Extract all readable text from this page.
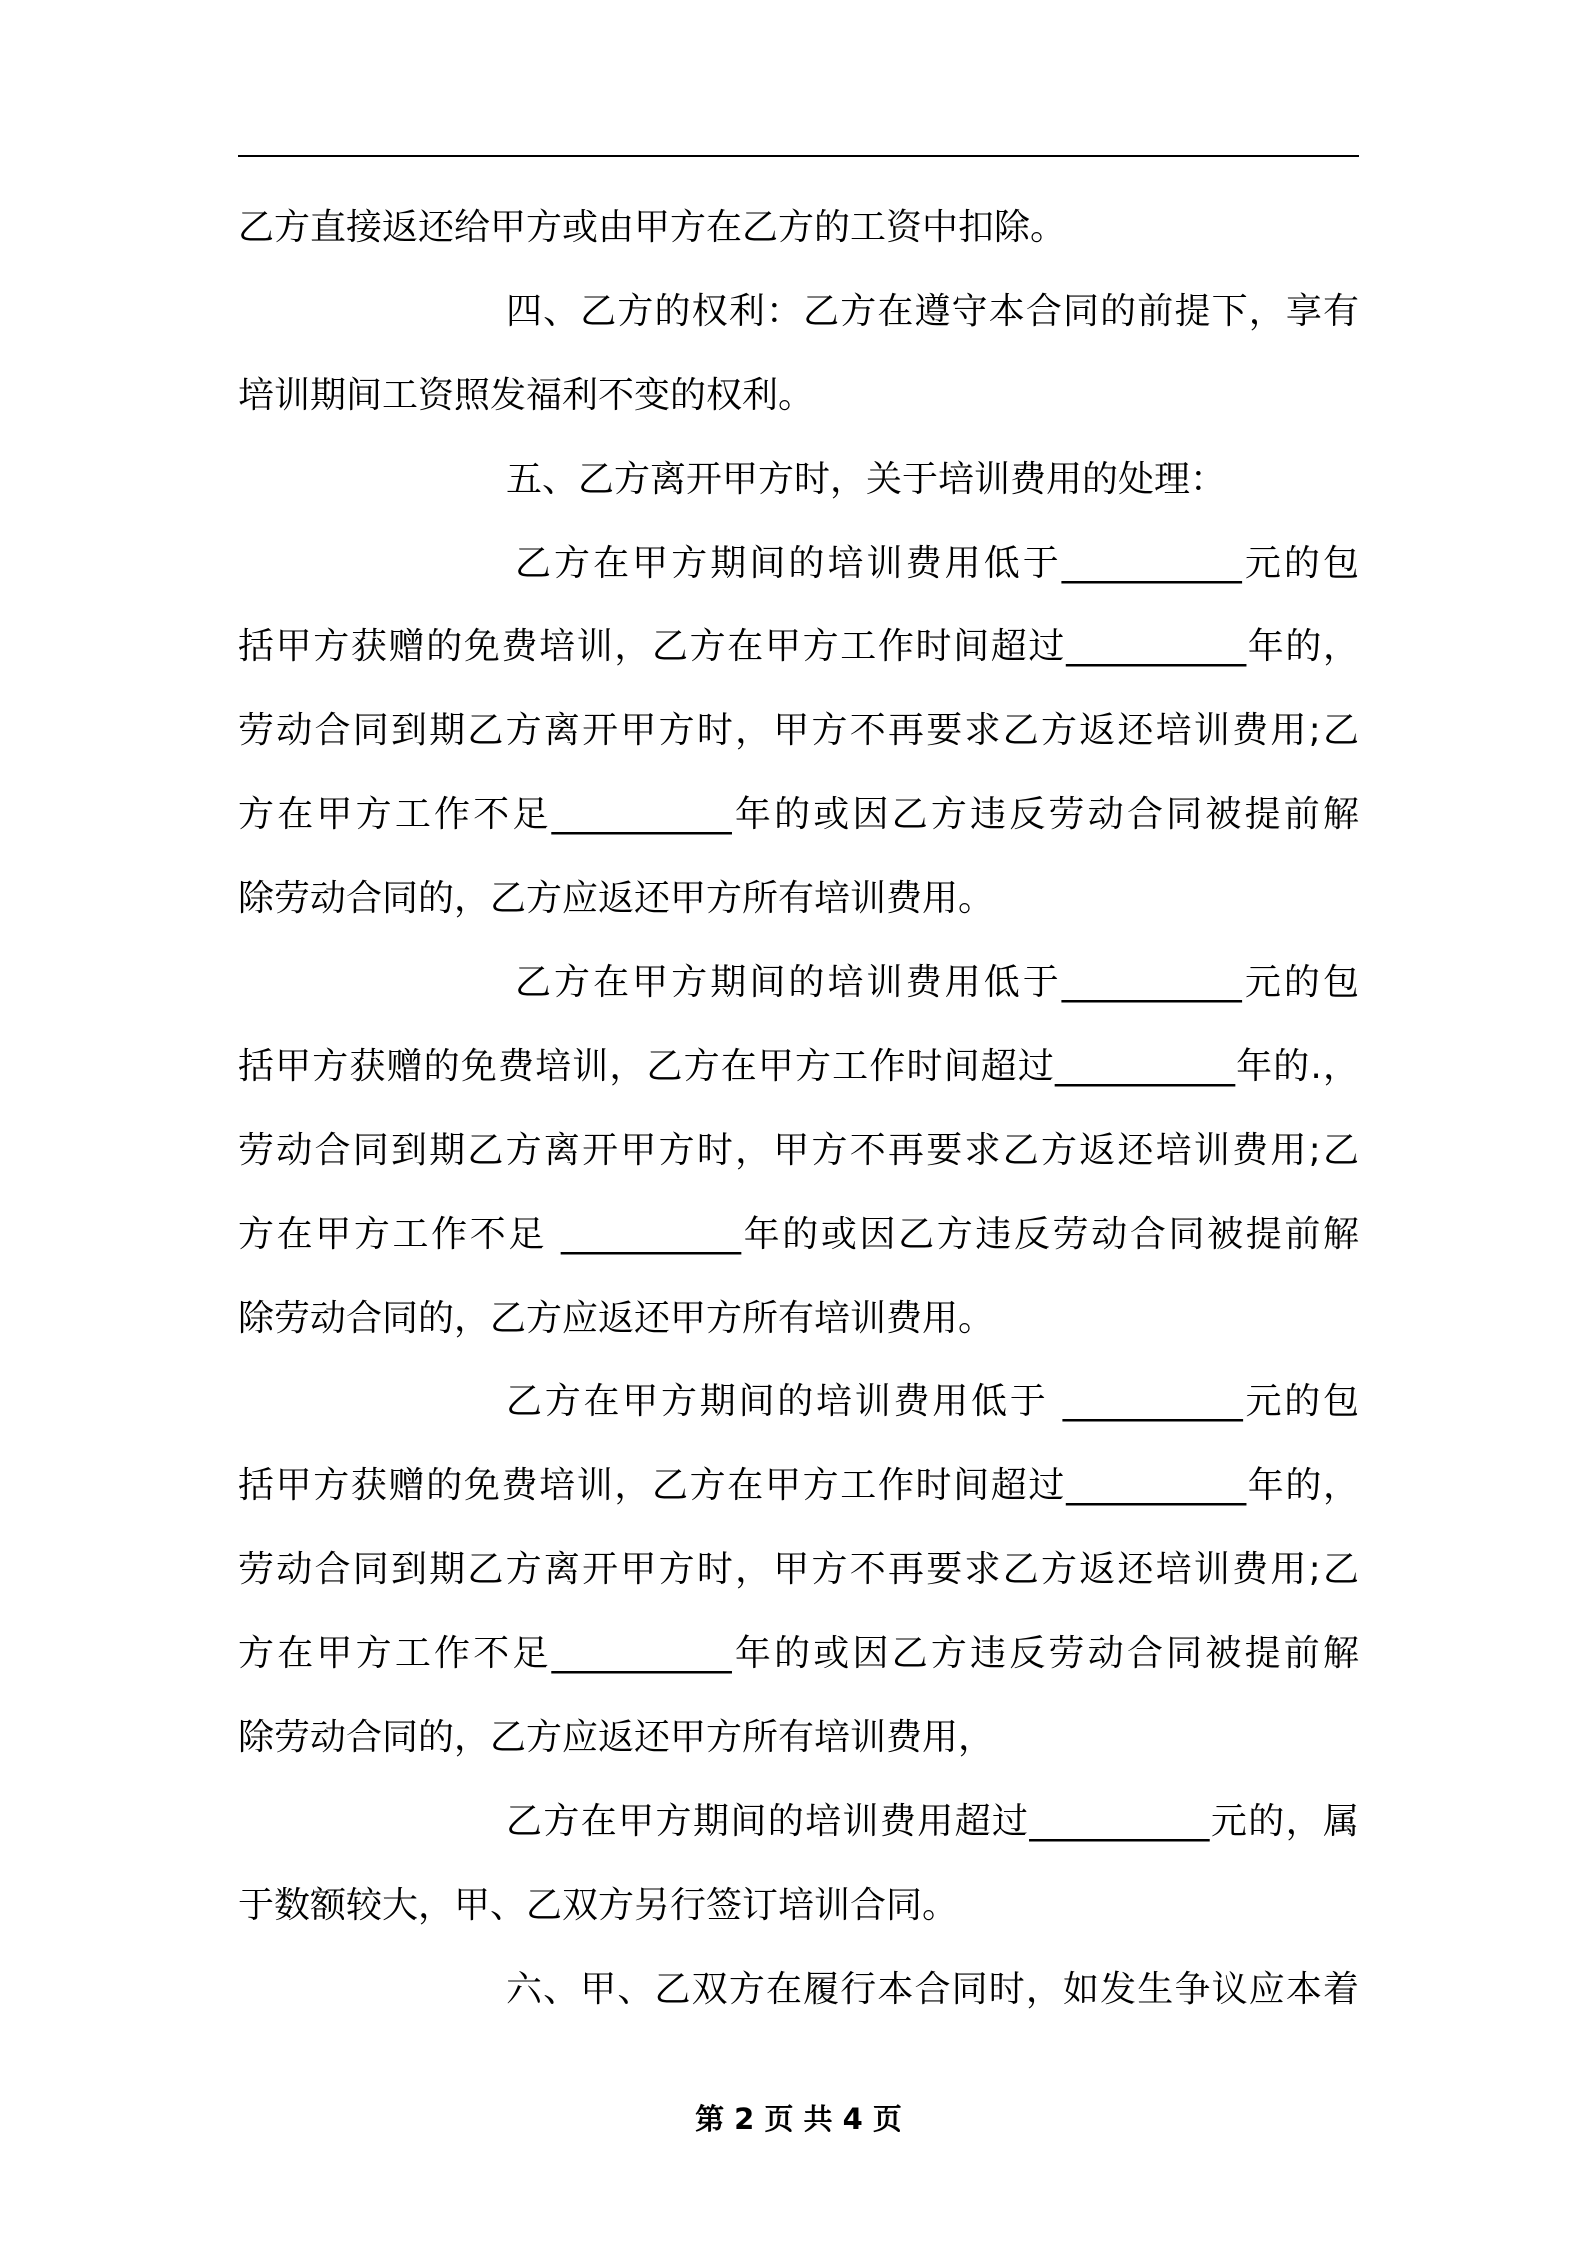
乙方直接返还给甲方或由甲方在乙方的工资中扣除。
四、乙方的权利：乙方在遵守本合同的前提下，享有
培训期间工资照发福利不变的权利。
五、乙方离开甲方时，关于培训费用的处理：
乙方在甲方期间的培训费用低于__________元的包
括甲方获赠的免费培训，乙方在甲方工作时间超过__________年的，
劳动合同到期乙方离开甲方时，甲方不再要求乙方返还培训费用;乙
方在甲方工作不足__________年的或因乙方违反劳动合同被提前解
除劳动合同的，乙方应返还甲方所有培训费用。
乙方在甲方期间的培训费用低于__________元的包
括甲方获赠的免费培训，乙方在甲方工作时间超过__________年的.，
劳动合同到期乙方离开甲方时，甲方不再要求乙方返还培训费用;乙
方在甲方工作不足 __________年的或因乙方违反劳动合同被提前解
除劳动合同的，乙方应返还甲方所有培训费用。
乙方在甲方期间的培训费用低于 __________元的包
括甲方获赠的免费培训，乙方在甲方工作时间超过__________年的，
劳动合同到期乙方离开甲方时，甲方不再要求乙方返还培训费用;乙
方在甲方工作不足__________年的或因乙方违反劳动合同被提前解
除劳动合同的，乙方应返还甲方所有培训费用，
乙方在甲方期间的培训费用超过__________元的，属
于数额较大，甲、乙双方另行签订培训合同。
六、甲、乙双方在履行本合同时，如发生争议应本着
第 2 页 共 4 页
